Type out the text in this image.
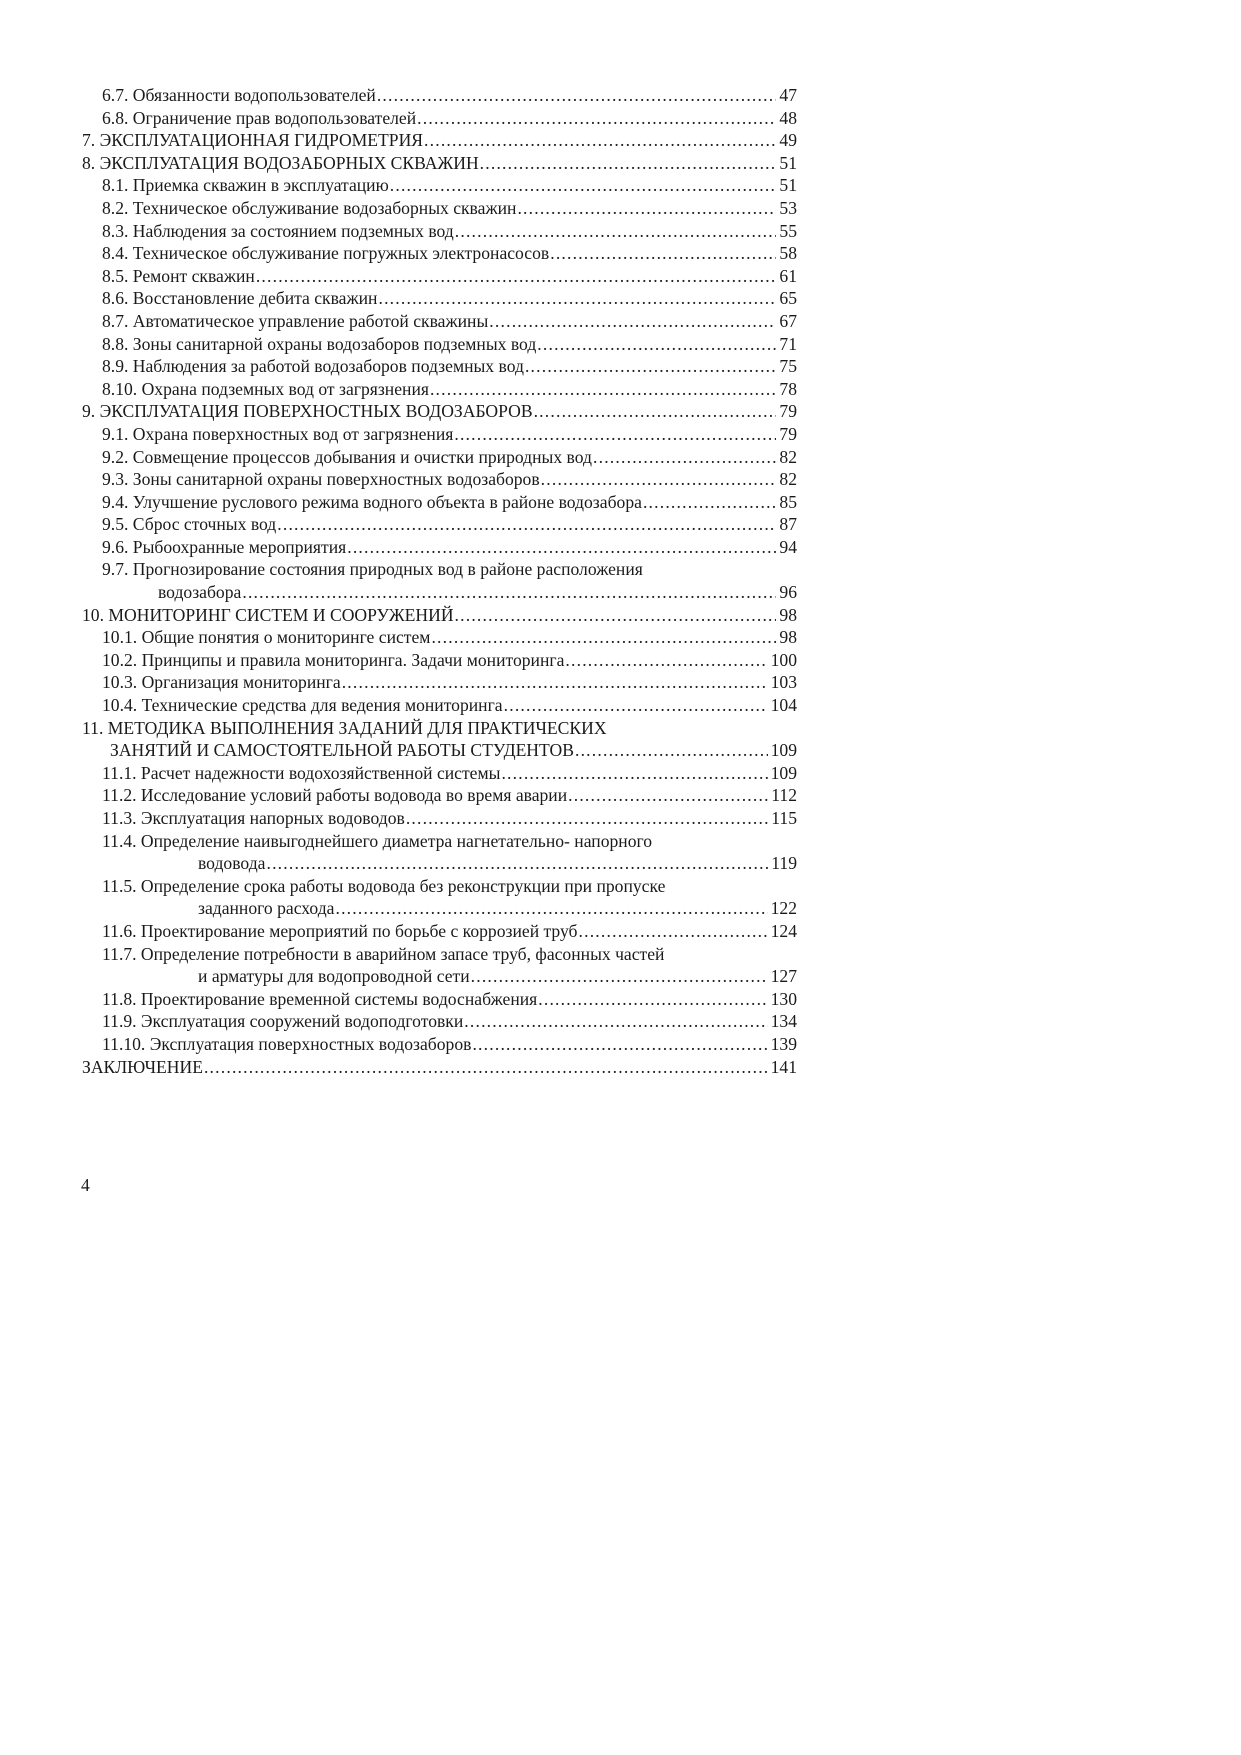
6.7. Обязанности водопользователей .....	47
6.8. Ограничение прав водопользователей .....	48
7. ЭКСПЛУАТАЦИОННАЯ ГИДРОМЕТРИЯ .....	49
8. ЭКСПЛУАТАЦИЯ ВОДОЗАБОРНЫХ СКВАЖИН .....	51
8.1. Приемка скважин в эксплуатацию .....	51
8.2. Техническое обслуживание водозаборных скважин .....	53
8.3. Наблюдения за состоянием подземных вод .....	55
8.4. Техническое обслуживание погружных электронасосов .....	58
8.5. Ремонт скважин .....	61
8.6. Восстановление дебита скважин .....	65
8.7. Автоматическое управление работой скважины .....	67
8.8. Зоны санитарной охраны водозаборов подземных вод .....	71
8.9. Наблюдения за работой водозаборов подземных вод .....	75
8.10. Охрана подземных вод от загрязнения .....	78
9. ЭКСПЛУАТАЦИЯ ПОВЕРХНОСТНЫХ ВОДОЗАБОРОВ .....	79
9.1. Охрана поверхностных вод от загрязнения .....	79
9.2. Совмещение процессов добывания и очистки природных вод .....	82
9.3. Зоны санитарной охраны поверхностных водозаборов .....	82
9.4. Улучшение руслового режима водного объекта в районе водозабора .....	85
9.5. Сброс сточных вод .....	87
9.6. Рыбоохранные мероприятия .....	94
9.7. Прогнозирование состояния природных вод в районе расположения
водозабора .....	96
10. МОНИТОРИНГ СИСТЕМ И СООРУЖЕНИЙ .....	98
10.1. Общие понятия о мониторинге систем .....	98
10.2. Принципы и правила мониторинга. Задачи мониторинга .....	100
10.3. Организация мониторинга .....	103
10.4. Технические средства для ведения мониторинга .....	104
11. МЕТОДИКА ВЫПОЛНЕНИЯ ЗАДАНИЙ ДЛЯ ПРАКТИЧЕСКИХ
ЗАНЯТИЙ И САМОСТОЯТЕЛЬНОЙ РАБОТЫ СТУДЕНТОВ .....	109
11.1. Расчет надежности водохозяйственной системы .....	109
11.2. Исследование условий работы водовода во время аварии .....	112
11.3. Эксплуатация напорных водоводов .....	115
11.4. Определение наивыгоднейшего диаметра нагнетательно- напорного
водовода .....	119
11.5. Определение срока работы водовода без реконструкции при пропуске
заданного расхода .....	122
11.6. Проектирование мероприятий по борьбе с коррозией труб .....	124
11.7. Определение потребности в аварийном запасе труб, фасонных частей
и арматуры для водопроводной сети .....	127
11.8. Проектирование временной системы водоснабжения .....	130
11.9. Эксплуатация сооружений водоподготовки .....	134
11.10. Эксплуатация поверхностных водозаборов .....	139
ЗАКЛЮЧЕНИЕ .....	141
4
